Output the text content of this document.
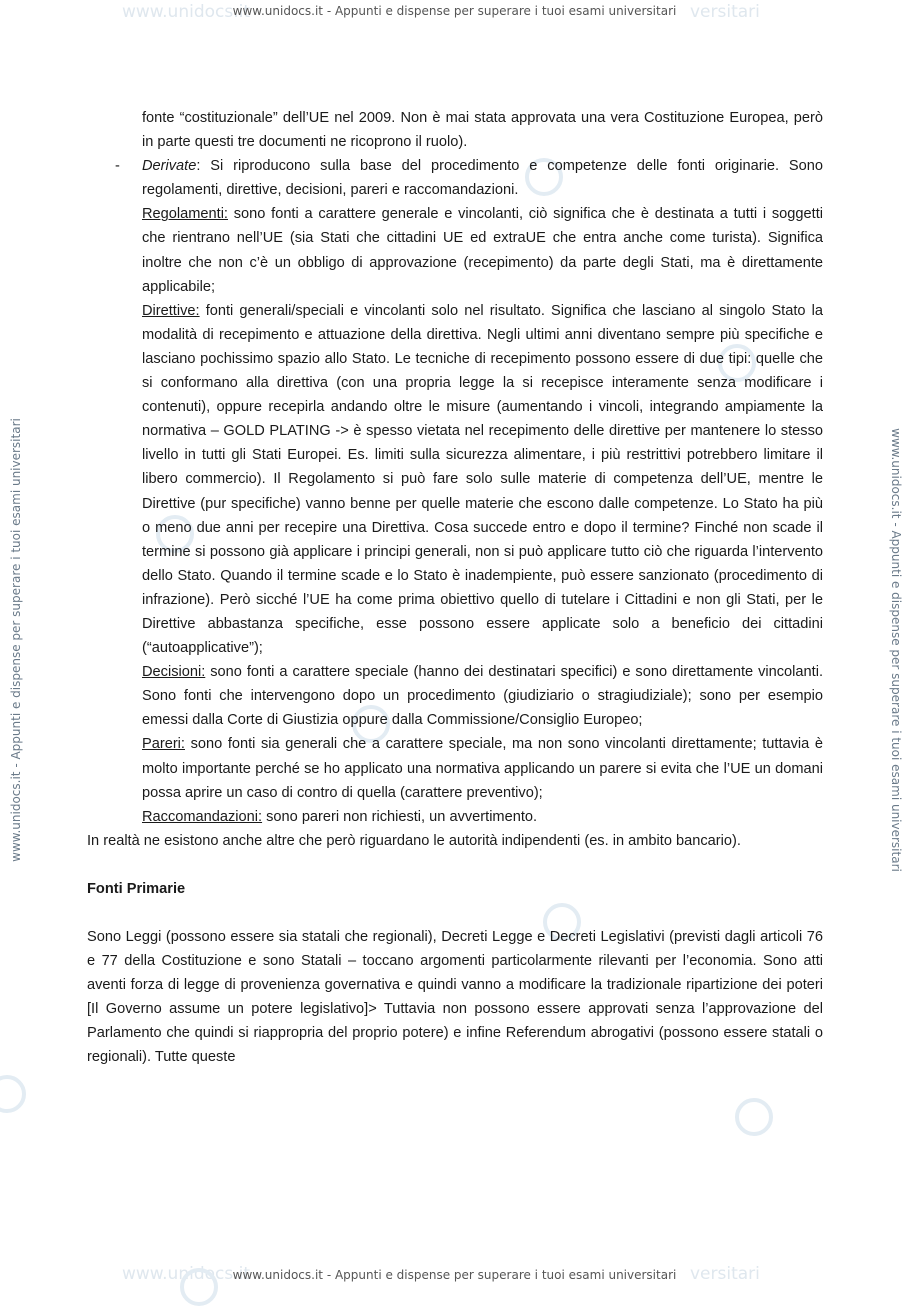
www.unidocs.it	versitari
www.unidocs.it	versitari
www.unidocs.it - Appunti e dispense per superare i tuoi esami universitari
www.unidocs.it - Appunti e dispense per superare i tuoi esami universitari
www.unidocs.it - Appunti e dispense per superare i tuoi esami universitari	www.unidocs.it - Appunti e dispense per superare i tuoi esami universitari

fonte “costituzionale” dell’UE nel 2009. Non è mai stata approvata una vera Costituzione Europea, però in parte questi tre documenti ne ricoprono il ruolo).

- Derivate: Si riproducono sulla base del procedimento e competenze delle fonti originarie. Sono regolamenti, direttive, decisioni, pareri e raccomandazioni.

Regolamenti: sono fonti a carattere generale e vincolanti, ciò significa che è destinata a tutti i soggetti che rientrano nell’UE (sia Stati che cittadini UE ed extraUE che entra anche come turista). Significa inoltre che non c’è un obbligo di approvazione (recepimento) da parte degli Stati, ma è direttamente applicabile;

Direttive: fonti generali/speciali e vincolanti solo nel risultato. Significa che lasciano al singolo Stato la modalità di recepimento e attuazione della direttiva. Negli ultimi anni diventano sempre più specifiche e lasciano pochissimo spazio allo Stato. Le tecniche di recepimento possono essere di due tipi: quelle che si conformano alla direttiva (con una propria legge la si recepisce interamente senza modificare i contenuti), oppure recepirla andando oltre le misure (aumentando i vincoli, integrando ampiamente la normativa – GOLD PLATING -> è spesso vietata nel recepimento delle direttive per mantenere lo stesso livello in tutti gli Stati Europei. Es. limiti sulla sicurezza alimentare, i più restrittivi potrebbero limitare il libero commercio). Il Regolamento si può fare solo sulle materie di competenza dell’UE, mentre le Direttive (pur specifiche) vanno benne per quelle materie che escono dalle competenze. Lo Stato ha più o meno due anni per recepire una Direttiva. Cosa succede entro e dopo il termine? Finché non scade il termine si possono già applicare i principi generali, non si può applicare tutto ciò che riguarda l’intervento dello Stato. Quando il termine scade e lo Stato è inadempiente, può essere sanzionato (procedimento di infrazione). Però sicché l’UE ha come prima obiettivo quello di tutelare i Cittadini e non gli Stati, per le Direttive abbastanza specifiche, esse possono essere applicate solo a beneficio dei cittadini (“autoapplicative”);

Decisioni: sono fonti a carattere speciale (hanno dei destinatari specifici) e sono direttamente vincolanti. Sono fonti che intervengono dopo un procedimento (giudiziario o stragiudiziale); sono per esempio emessi dalla Corte di Giustizia oppure dalla Commissione/Consiglio Europeo;

Pareri: sono fonti sia generali che a carattere speciale, ma non sono vincolanti direttamente; tuttavia è molto importante perché se ho applicato una normativa applicando un parere si evita che l’UE un domani possa aprire un caso di contro di quella (carattere preventivo);

Raccomandazioni: sono pareri non richiesti, un avvertimento.

In realtà ne esistono anche altre che però riguardano le autorità indipendenti (es. in ambito bancario).

Fonti Primarie

Sono Leggi (possono essere sia statali che regionali), Decreti Legge e Decreti Legislativi (previsti dagli articoli 76 e 77 della Costituzione e sono Statali – toccano argomenti particolarmente rilevanti per l’economia. Sono atti aventi forza di legge di provenienza governativa e quindi vanno a modificare la tradizionale ripartizione dei poteri [Il Governo assume un potere legislativo]> Tuttavia non possono essere approvati senza l’approvazione del Parlamento che quindi si riappropria del proprio potere) e infine Referendum abrogativi (possono essere statali o regionali). Tutte queste
